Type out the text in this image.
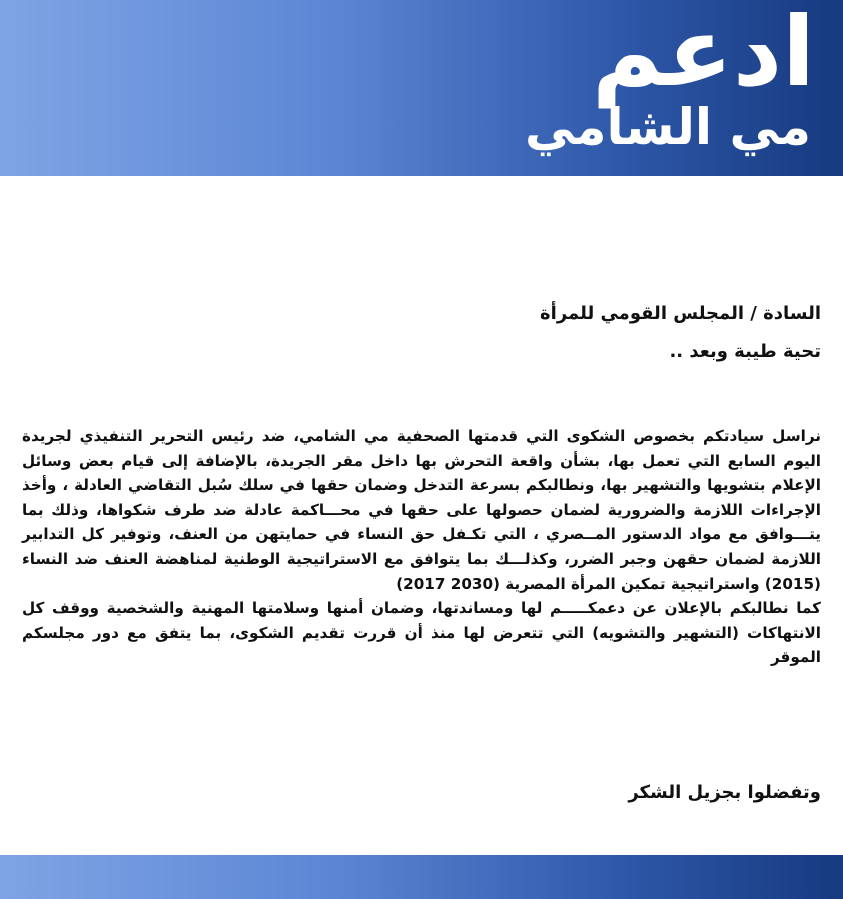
ادعم
مي الشامي
السادة / المجلس القومي للمرأة
تحية طيبة وبعد ..

نراسل سيادتكم بخصوص الشكوى التي قدمتها الصحفية مي الشامي، ضد رئيس التحرير التنفيذي لجريدة اليوم السابع التي تعمل بها، بشأن واقعة التحرش بها داخل مقر الجريدة، بالإضافة إلى قيام بعض وسائل الإعلام بتشويها والتشهير بها، ونطالبكم بسرعة التدخل وضمان حقها في سلك سُبل التقاضي العادلة ، وأخذ الإجراءات اللازمة والضرورية لضمان حصولها على حقها في محـــاكمة عادلة ضد طرف شكواها، وذلك بما يتـــوافق مع مواد الدستور المــصري ، التي تكـفل حق النساء في حمايتهن من العنف، وتوفير كل التدابير اللازمة لضمان حقهن وجبر الضرر، وكذلـــك بما يتوافق مع الاستراتيجية الوطنية لمناهضة العنف ضد النساء (2015) واستراتيجية تمكين المرأة المصرية (2030 2017)

كما نطالبكم بالإعلان عن دعمكـــــم لها ومساندتها، وضمان أمنها وسلامتها المهنية والشخصية ووقف كل الانتهاكات (التشهير والتشويه) التي تتعرض لها منذ أن قررت تقديم الشكوى، بما يتفق مع دور مجلسكم الموقر

وتفضلوا بجزيل الشكر
